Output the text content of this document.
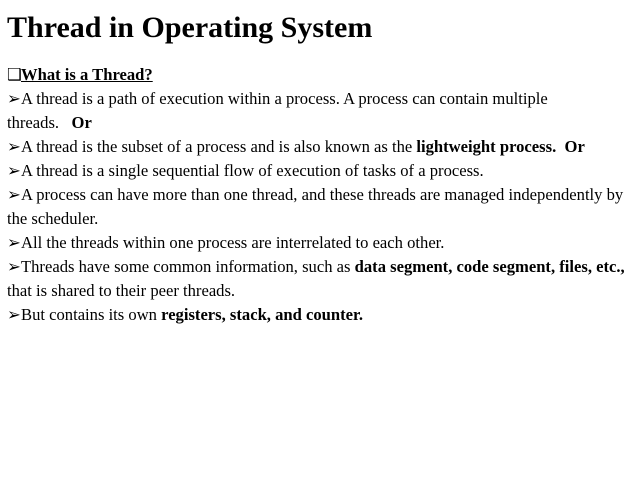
Thread in Operating System

❑What is a Thread?

➢A thread is a path of execution within a process. A process can contain multiple threads. Or

➢A thread is the subset of a process and is also known as the lightweight process. Or

➢A thread is a single sequential flow of execution of tasks of a process.

➢A process can have more than one thread, and these threads are managed independently by the scheduler.

➢All the threads within one process are interrelated to each other.

➢Threads have some common information, such as data segment, code segment, files, etc., that is shared to their peer threads.

➢But contains its own registers, stack, and counter.
